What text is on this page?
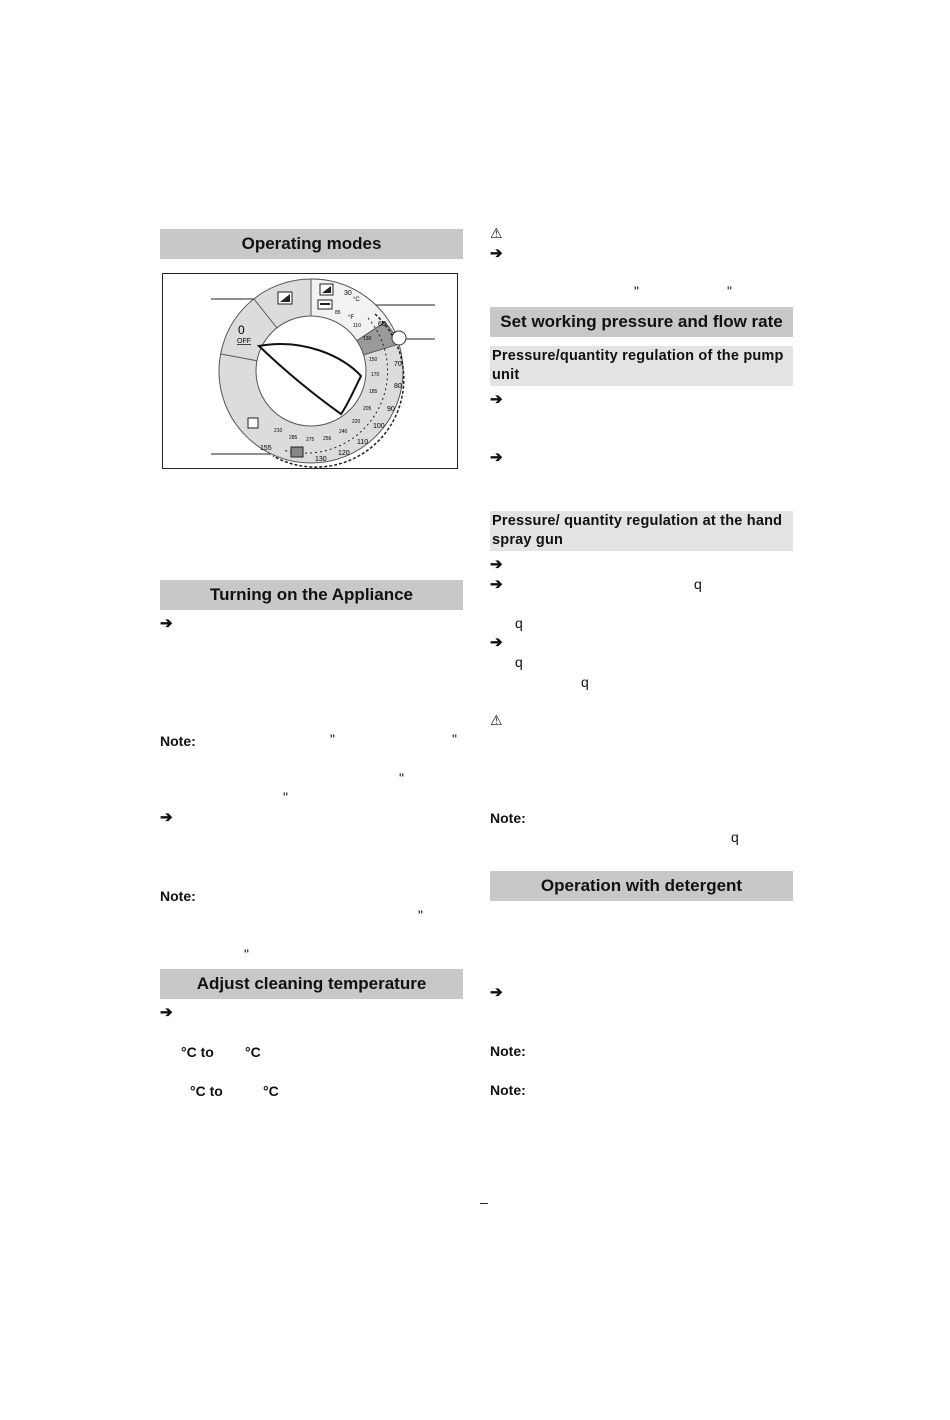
Operating modes
0
OFF
30
°C
°F
60
70
80
90
100
110
120
130
155
85
110
130
150
170
185
205
220
240
256
275
285
210
Turning on the Appliance
➔
Note:	"	"
"
"
➔
Note:
"
"
Adjust cleaning temperature
➔
°C to °C
°C to	°C
⚠
➔
"	"
Set working pressure and flow rate
Pressure/quantity regulation of the pump unit
➔
➔
Pressure/ quantity regulation at the hand spray gun
➔
➔	q
q
➔
q
q
⚠
Note:
q
Operation with detergent
➔
Note:
Note:
–
